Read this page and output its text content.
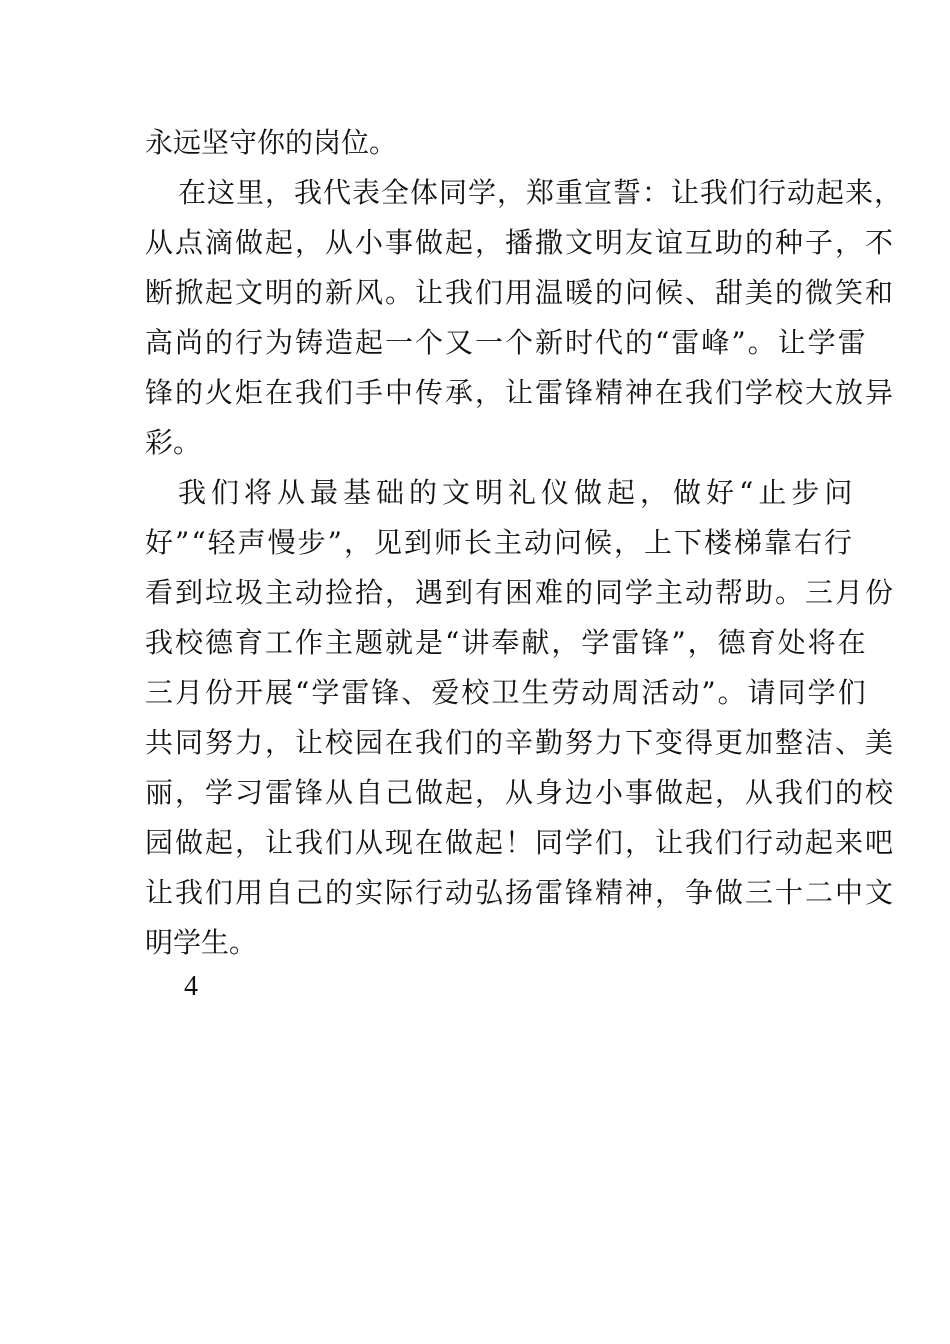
永远坚守你的岗位。
在这里，我代表全体同学，郑重宣誓：让我们行动起来，
从点滴做起，从小事做起，播撒文明友谊互助的种子，不
断掀起文明的新风。让我们用温暖的问候、甜美的微笑和
高尚的行为铸造起一个又一个新时代的“雷峰”。让学雷
锋的火炬在我们手中传承，让雷锋精神在我们学校大放异
彩。
我们将从最基础的文明礼仪做起，做好“止步问
好”“轻声慢步”，见到师长主动问候，上下楼梯靠右行
看到垃圾主动捡拾，遇到有困难的同学主动帮助。三月份
我校德育工作主题就是“讲奉献，学雷锋”，德育处将在
三月份开展“学雷锋、爱校卫生劳动周活动”。请同学们
共同努力，让校园在我们的辛勤努力下变得更加整洁、美
丽，学习雷锋从自己做起，从身边小事做起，从我们的校
园做起，让我们从现在做起！同学们，让我们行动起来吧
让我们用自己的实际行动弘扬雷锋精神，争做三十二中文
明学生。
4
